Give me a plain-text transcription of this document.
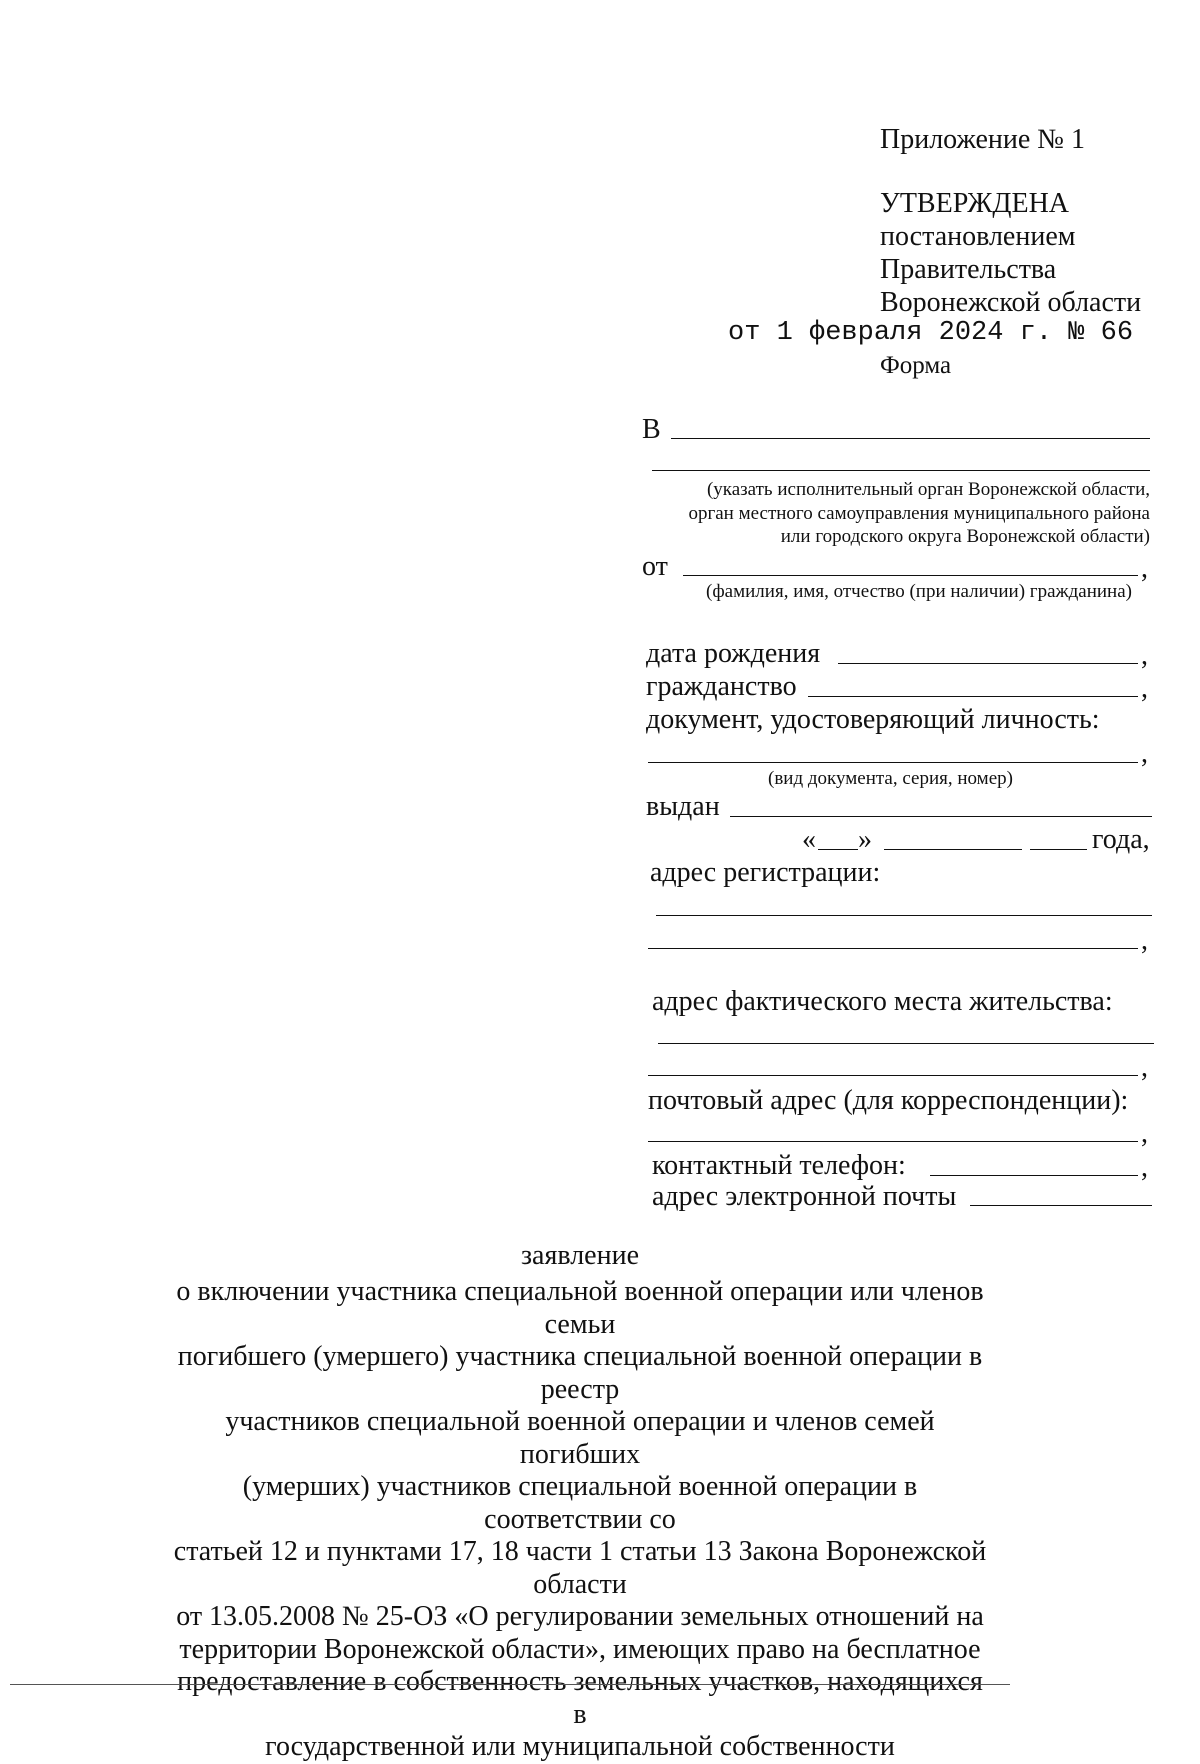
Приложение № 1
УТВЕРЖДЕНА
постановлением
Правительства
Воронежской области
от 1 февраля 2024 г. № 66
Форма
В
(указать исполнительный орган Воронежской области,
орган местного самоуправления муниципального района
или городского округа Воронежской области)
от	,
(фамилия, имя, отчество (при наличии) гражданина)
дата рождения	,
гражданство	,
документ, удостоверяющий личность:
,
(вид документа, серия, номер)
выдан
« »	года,
адрес регистрации:
,
адрес фактического места жительства:
,
почтовый адрес (для корреспонденции):
,
контактный телефон:	,
адрес электронной почты
заявление
о включении участника специальной военной операции или членов семьи
погибшего (умершего) участника специальной военной операции в реестр
участников специальной военной операции и членов семей погибших
(умерших) участников специальной военной операции в соответствии со
статьей 12 и пунктами 17, 18 части 1 статьи 13 Закона Воронежской области
от 13.05.2008 № 25-ОЗ «О регулировании земельных отношений на
территории Воронежской области», имеющих право на бесплатное
предоставление в собственность земельных участков, находящихся в
государственной или муниципальной собственности
